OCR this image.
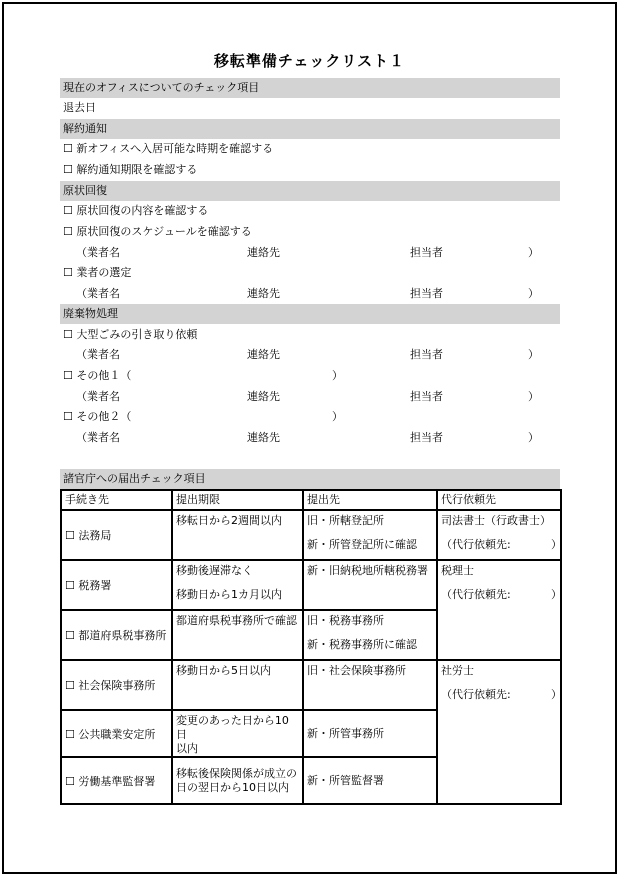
移転準備チェックリスト１
現在のオフィスについてのチェック項目
退去日
解約通知
☐ 新オフィスへ入居可能な時期を確認する
☐ 解約通知期限を確認する
原状回復
☐ 原状回復の内容を確認する
☐ 原状回復のスケジュールを確認する
（業者名	連絡先	担当者	）
☐ 業者の選定
（業者名	連絡先	担当者	）
廃棄物処理
☐ 大型ごみの引き取り依頼
（業者名	連絡先	担当者	）
☐ その他１（	）
（業者名	連絡先	担当者	）
☐ その他２（	）
（業者名	連絡先	担当者	）
諸官庁への届出チェック項目
手続き先	提出期限	提出先	代行依頼先
☐ 法務局	移転日から2週間以内	旧・所轄登記所
新・所管登記所に確認	司法書士（行政書士）
（代行依頼先: ）

☐ 税務署	移動後遅滞なく
移動日から1カ月以内	新・旧納税地所轄税務署	税理士
（代行依頼先: ）

☐ 都道府県税事務所	都道府県税事務所で確認	旧・税務事務所
新・税務事務所に確認	

☐ 社会保険事務所	移動日から5日以内	旧・社会保険事務所	社労士
（代行依頼先: ）

☐ 公共職業安定所	変更のあった日から10日
以内	新・所管事務所	

☐ 労働基準監督署	移転後保険関係が成立の
日の翌日から10日以内	新・所管監督署	
